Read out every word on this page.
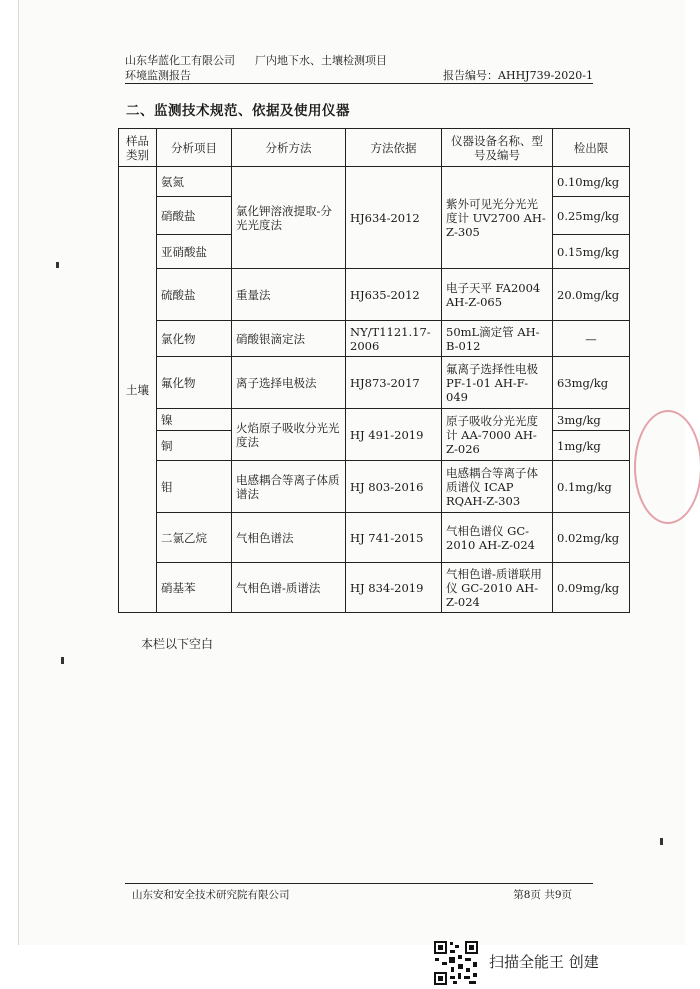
山东华蓝化工有限公司 厂内地下水、土壤检测项目
环境监测报告	报告编号：AHHJ739-2020-1
二、监测技术规范、依据及使用仪器
样品类别	分析项目	分析方法	方法依据	仪器设备名称、型号及编号	检出限
土壤	氨氮	氯化钾溶液提取-分光光度法	HJ634-2012	紫外可见光分光光度计 UV2700 AH-Z-305	0.10mg/kg
	硝酸盐				0.25mg/kg
	亚硝酸盐				0.15mg/kg
	硫酸盐	重量法	HJ635-2012	电子天平 FA2004 AH-Z-065	20.0mg/kg
	氯化物	硝酸银滴定法	NY/T1121.17-2006	50mL滴定管 AH-B-012	—
	氟化物	离子选择电极法	HJ873-2017	氟离子选择性电极 PF-1-01 AH-F-049	63mg/kg
	镍	火焰原子吸收分光光度法	HJ 491-2019	原子吸收分光光度计 AA-7000 AH-Z-026	3mg/kg
	铜				1mg/kg
	钼	电感耦合等离子体质谱法	HJ 803-2016	电感耦合等离子体质谱仪 ICAP RQAH-Z-303	0.1mg/kg
	二氯乙烷	气相色谱法	HJ 741-2015	气相色谱仪 GC-2010 AH-Z-024	0.02mg/kg
	硝基苯	气相色谱-质谱法	HJ 834-2019	气相色谱-质谱联用仪 GC-2010 AH-Z-024	0.09mg/kg
本栏以下空白
山东安和安全技术研究院有限公司	第8页 共9页
扫描全能王 创建
